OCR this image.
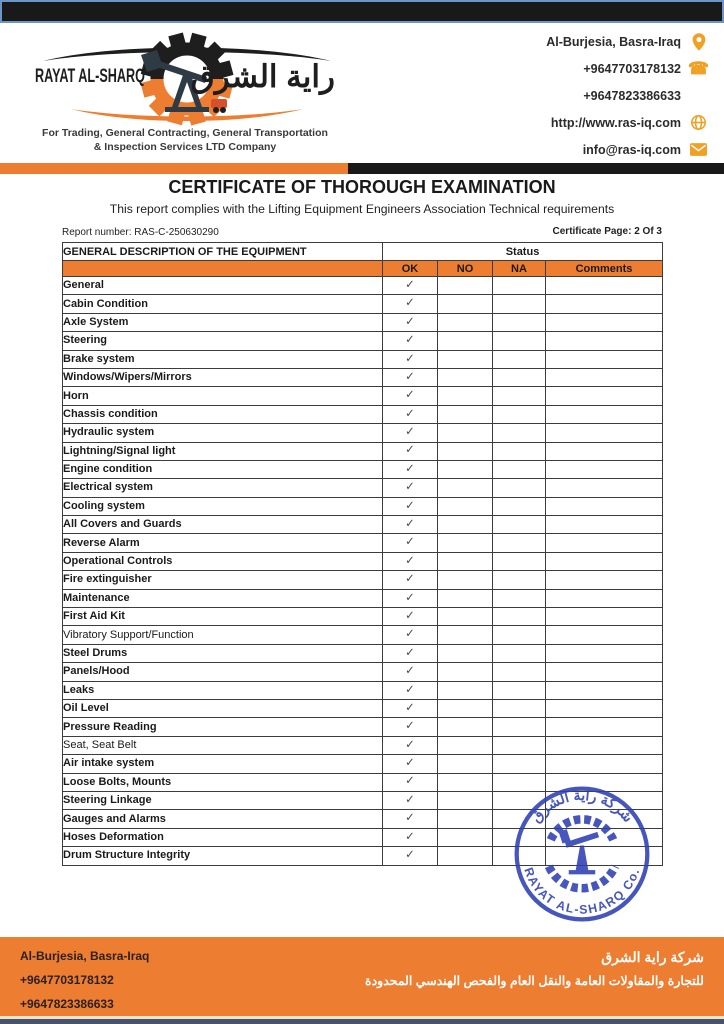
RAYAT AL-SHARQ راية الشرق
For Trading, General Contracting, General Transportation
& Inspection Services LTD Company
Al-Burjesia, Basra-Iraq
+9647703178132 ☎
+9647823386633
http://www.ras-iq.com
info@ras-iq.com
CERTIFICATE OF THOROUGH EXAMINATION
This report complies with the Lifting Equipment Engineers Association Technical requirements
Report number: RAS-C-250630290	Certificate Page: 2 Of 3
GENERAL DESCRIPTION OF THE EQUIPMENT	Status			
	OK	NO	NA	Comments
General	✓			
Cabin Condition	✓			
Axle System	✓			
Steering	✓			
Brake system	✓			
Windows/Wipers/Mirrors	✓			
Horn	✓			
Chassis condition	✓			
Hydraulic system	✓			
Lightning/Signal light	✓			
Engine condition	✓			
Electrical system	✓			
Cooling system	✓			
All Covers and Guards	✓			
Reverse Alarm	✓			
Operational Controls	✓			
Fire extinguisher	✓			
Maintenance	✓			
First Aid Kit	✓			
Vibratory Support/Function	✓			
Steel Drums	✓			
Panels/Hood	✓			
Leaks	✓			
Oil Level	✓			
Pressure Reading	✓			
Seat, Seat Belt	✓			
Air intake system	✓			
Loose Bolts, Mounts	✓			
Steering Linkage	✓			
Gauges and Alarms	✓			
Hoses Deformation	✓			
Drum Structure Integrity	✓			
شركة راية الشرق
RAYAT AL-SHARQ Co.
Al-Burjesia, Basra-Iraq
+9647703178132
+9647823386633
شركة راية الشرق
للتجارة والمقاولات العامة والنقل العام والفحص الهندسي المحدودة
